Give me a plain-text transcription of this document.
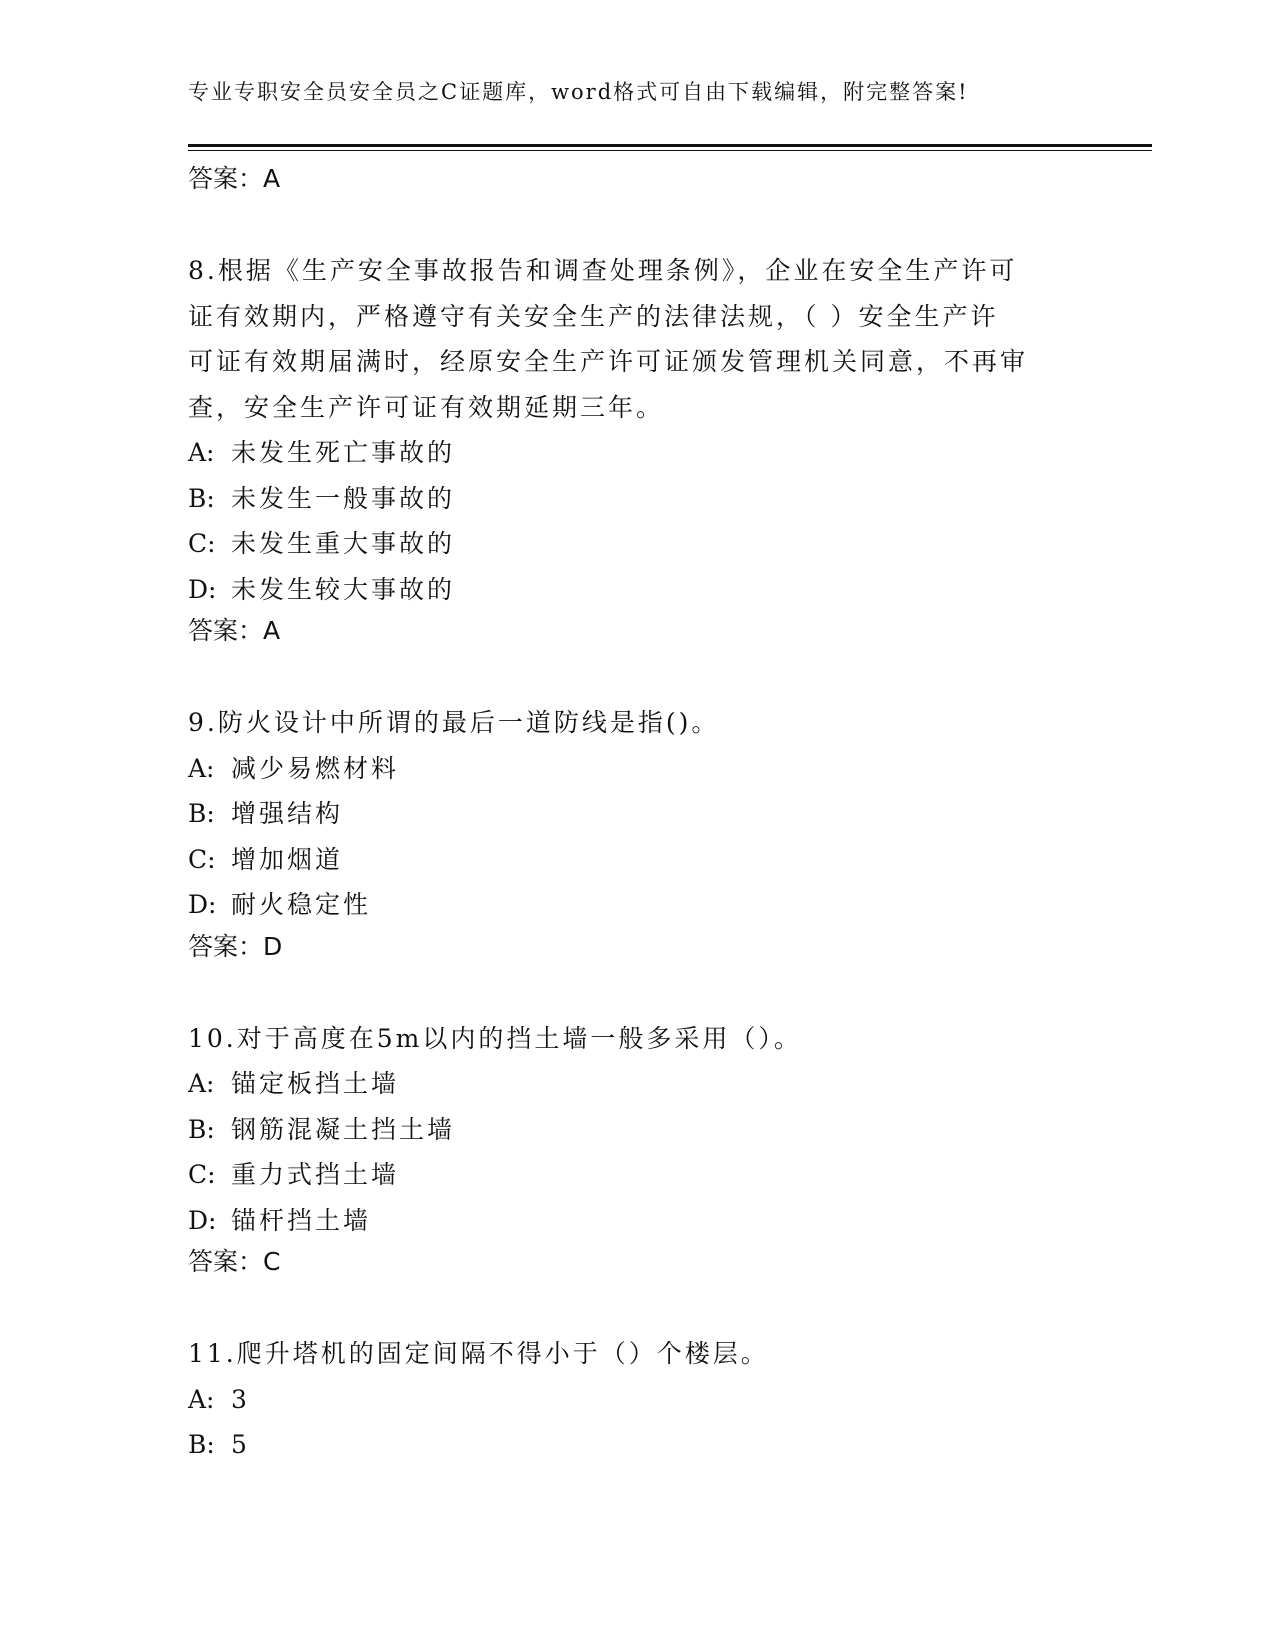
专业专职安全员安全员之C证题库，word格式可自由下载编辑，附完整答案!
答案：A
8.根据《生产安全事故报告和调查处理条例》，企业在安全生产许可
证有效期内，严格遵守有关安全生产的法律法规，（ ）安全生产许
可证有效期届满时，经原安全生产许可证颁发管理机关同意，不再审
查，安全生产许可证有效期延期三年。
A: 未发生死亡事故的
B: 未发生一般事故的
C: 未发生重大事故的
D: 未发生较大事故的
答案：A
9.防火设计中所谓的最后一道防线是指()。
A: 减少易燃材料
B: 增强结构
C: 增加烟道
D: 耐火稳定性
答案：D
10.对于高度在5m以内的挡土墙一般多采用（）。
A: 锚定板挡土墙
B: 钢筋混凝土挡土墙
C: 重力式挡土墙
D: 锚杆挡土墙
答案：C
11.爬升塔机的固定间隔不得小于（）个楼层。
A: 3
B: 5
